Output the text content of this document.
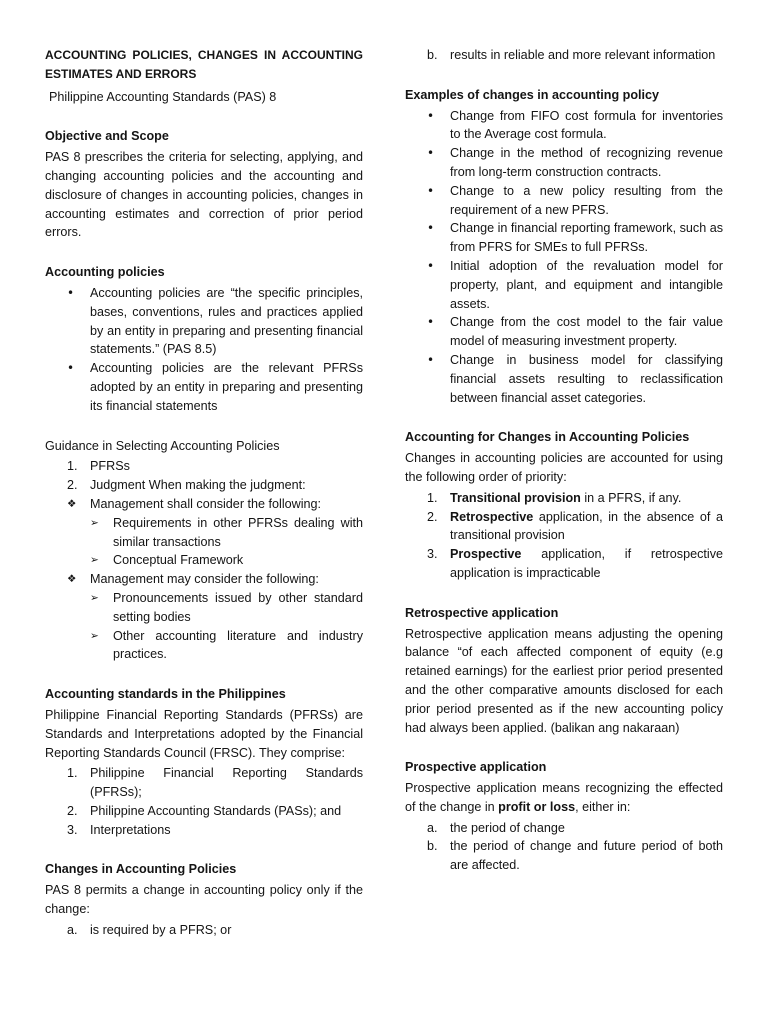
ACCOUNTING POLICIES, CHANGES IN ACCOUNTING ESTIMATES AND ERRORS

Philippine Accounting Standards (PAS) 8

Objective and Scope

PAS 8 prescribes the criteria for selecting, applying, and changing accounting policies and the accounting and disclosure of changes in accounting policies, changes in accounting estimates and correction of prior period errors.

Accounting policies
• Accounting policies are “the specific principles, bases, conventions, rules and practices applied by an entity in preparing and presenting financial statements.” (PAS 8.5)
• Accounting policies are the relevant PFRSs adopted by an entity in preparing and presenting its financial statements
Guidance in Selecting Accounting Policies
1. PFRSs
2. Judgment When making the judgment:
❖ Management shall consider the following:
➢ Requirements in other PFRSs dealing with similar transactions
➢ Conceptual Framework
❖ Management may consider the following:
➢ Pronouncements issued by other standard setting bodies
➢ Other accounting literature and industry practices.
Accounting standards in the Philippines

Philippine Financial Reporting Standards (PFRSs) are Standards and Interpretations adopted by the Financial Reporting Standards Council (FRSC). They comprise:

1. Philippine Financial Reporting Standards (PFRSs);
2. Philippine Accounting Standards (PASs); and
3. Interpretations
Changes in Accounting Policies

PAS 8 permits a change in accounting policy only if the change:

a. is required by a PFRS; or
b. results in reliable and more relevant information
Examples of changes in accounting policy
• Change from FIFO cost formula for inventories to the Average cost formula.
• Change in the method of recognizing revenue from long-term construction contracts.
• Change to a new policy resulting from the requirement of a new PFRS.
• Change in financial reporting framework, such as from PFRS for SMEs to full PFRSs.
• Initial adoption of the revaluation model for property, plant, and equipment and intangible assets.
• Change from the cost model to the fair value model of measuring investment property.
• Change in business model for classifying financial assets resulting to reclassification between financial asset categories.
Accounting for Changes in Accounting Policies

Changes in accounting policies are accounted for using the following order of priority:

1. Transitional provision in a PFRS, if any.
2. Retrospective application, in the absence of a transitional provision
3. Prospective application, if retrospective application is impracticable
Retrospective application

Retrospective application means adjusting the opening balance “of each affected component of equity (e.g retained earnings) for the earliest prior period presented and the other comparative amounts disclosed for each prior period presented as if the new accounting policy had always been applied. (balikan ang nakaraan)

Prospective application

Prospective application means recognizing the effected of the change in profit or loss, either in:

a. the period of change
b. the period of change and future period of both are affected.
